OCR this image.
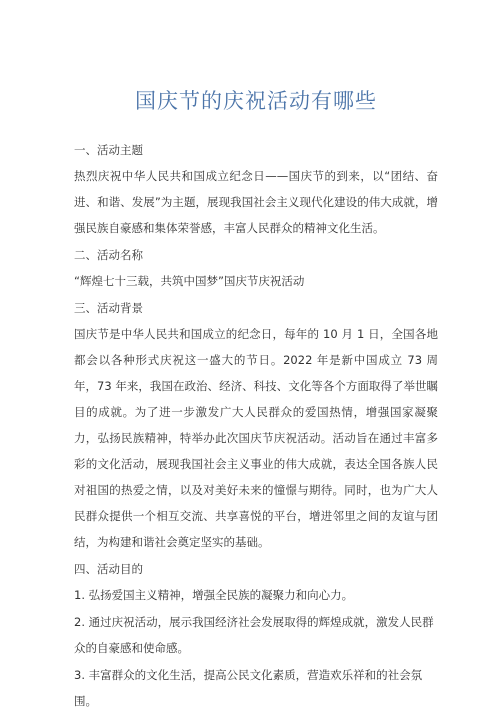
国庆节的庆祝活动有哪些
一、活动主题

热烈庆祝中华人民共和国成立纪念日——国庆节的到来，以“团结、奋进、和谐、发展”为主题，展现我国社会主义现代化建设的伟大成就，增强民族自豪感和集体荣誉感，丰富人民群众的精神文化生活。

二、活动名称

“辉煌七十三载，共筑中国梦”国庆节庆祝活动

三、活动背景

国庆节是中华人民共和国成立的纪念日，每年的 10 月 1 日，全国各地都会以各种形式庆祝这一盛大的节日。2022 年是新中国成立 73 周年，73 年来，我国在政治、经济、科技、文化等各个方面取得了举世瞩目的成就。为了进一步激发广大人民群众的爱国热情，增强国家凝聚力，弘扬民族精神，特举办此次国庆节庆祝活动。活动旨在通过丰富多彩的文化活动，展现我国社会主义事业的伟大成就，表达全国各族人民对祖国的热爱之情，以及对美好未来的憧憬与期待。同时，也为广大人民群众提供一个相互交流、共享喜悦的平台，增进邻里之间的友谊与团结，为构建和谐社会奠定坚实的基础。

四、活动目的

1. 弘扬爱国主义精神，增强全民族的凝聚力和向心力。

2. 通过庆祝活动，展示我国经济社会发展取得的辉煌成就，激发人民群众的自豪感和使命感。

3. 丰富群众的文化生活，提高公民文化素质，营造欢乐祥和的社会氛围。
